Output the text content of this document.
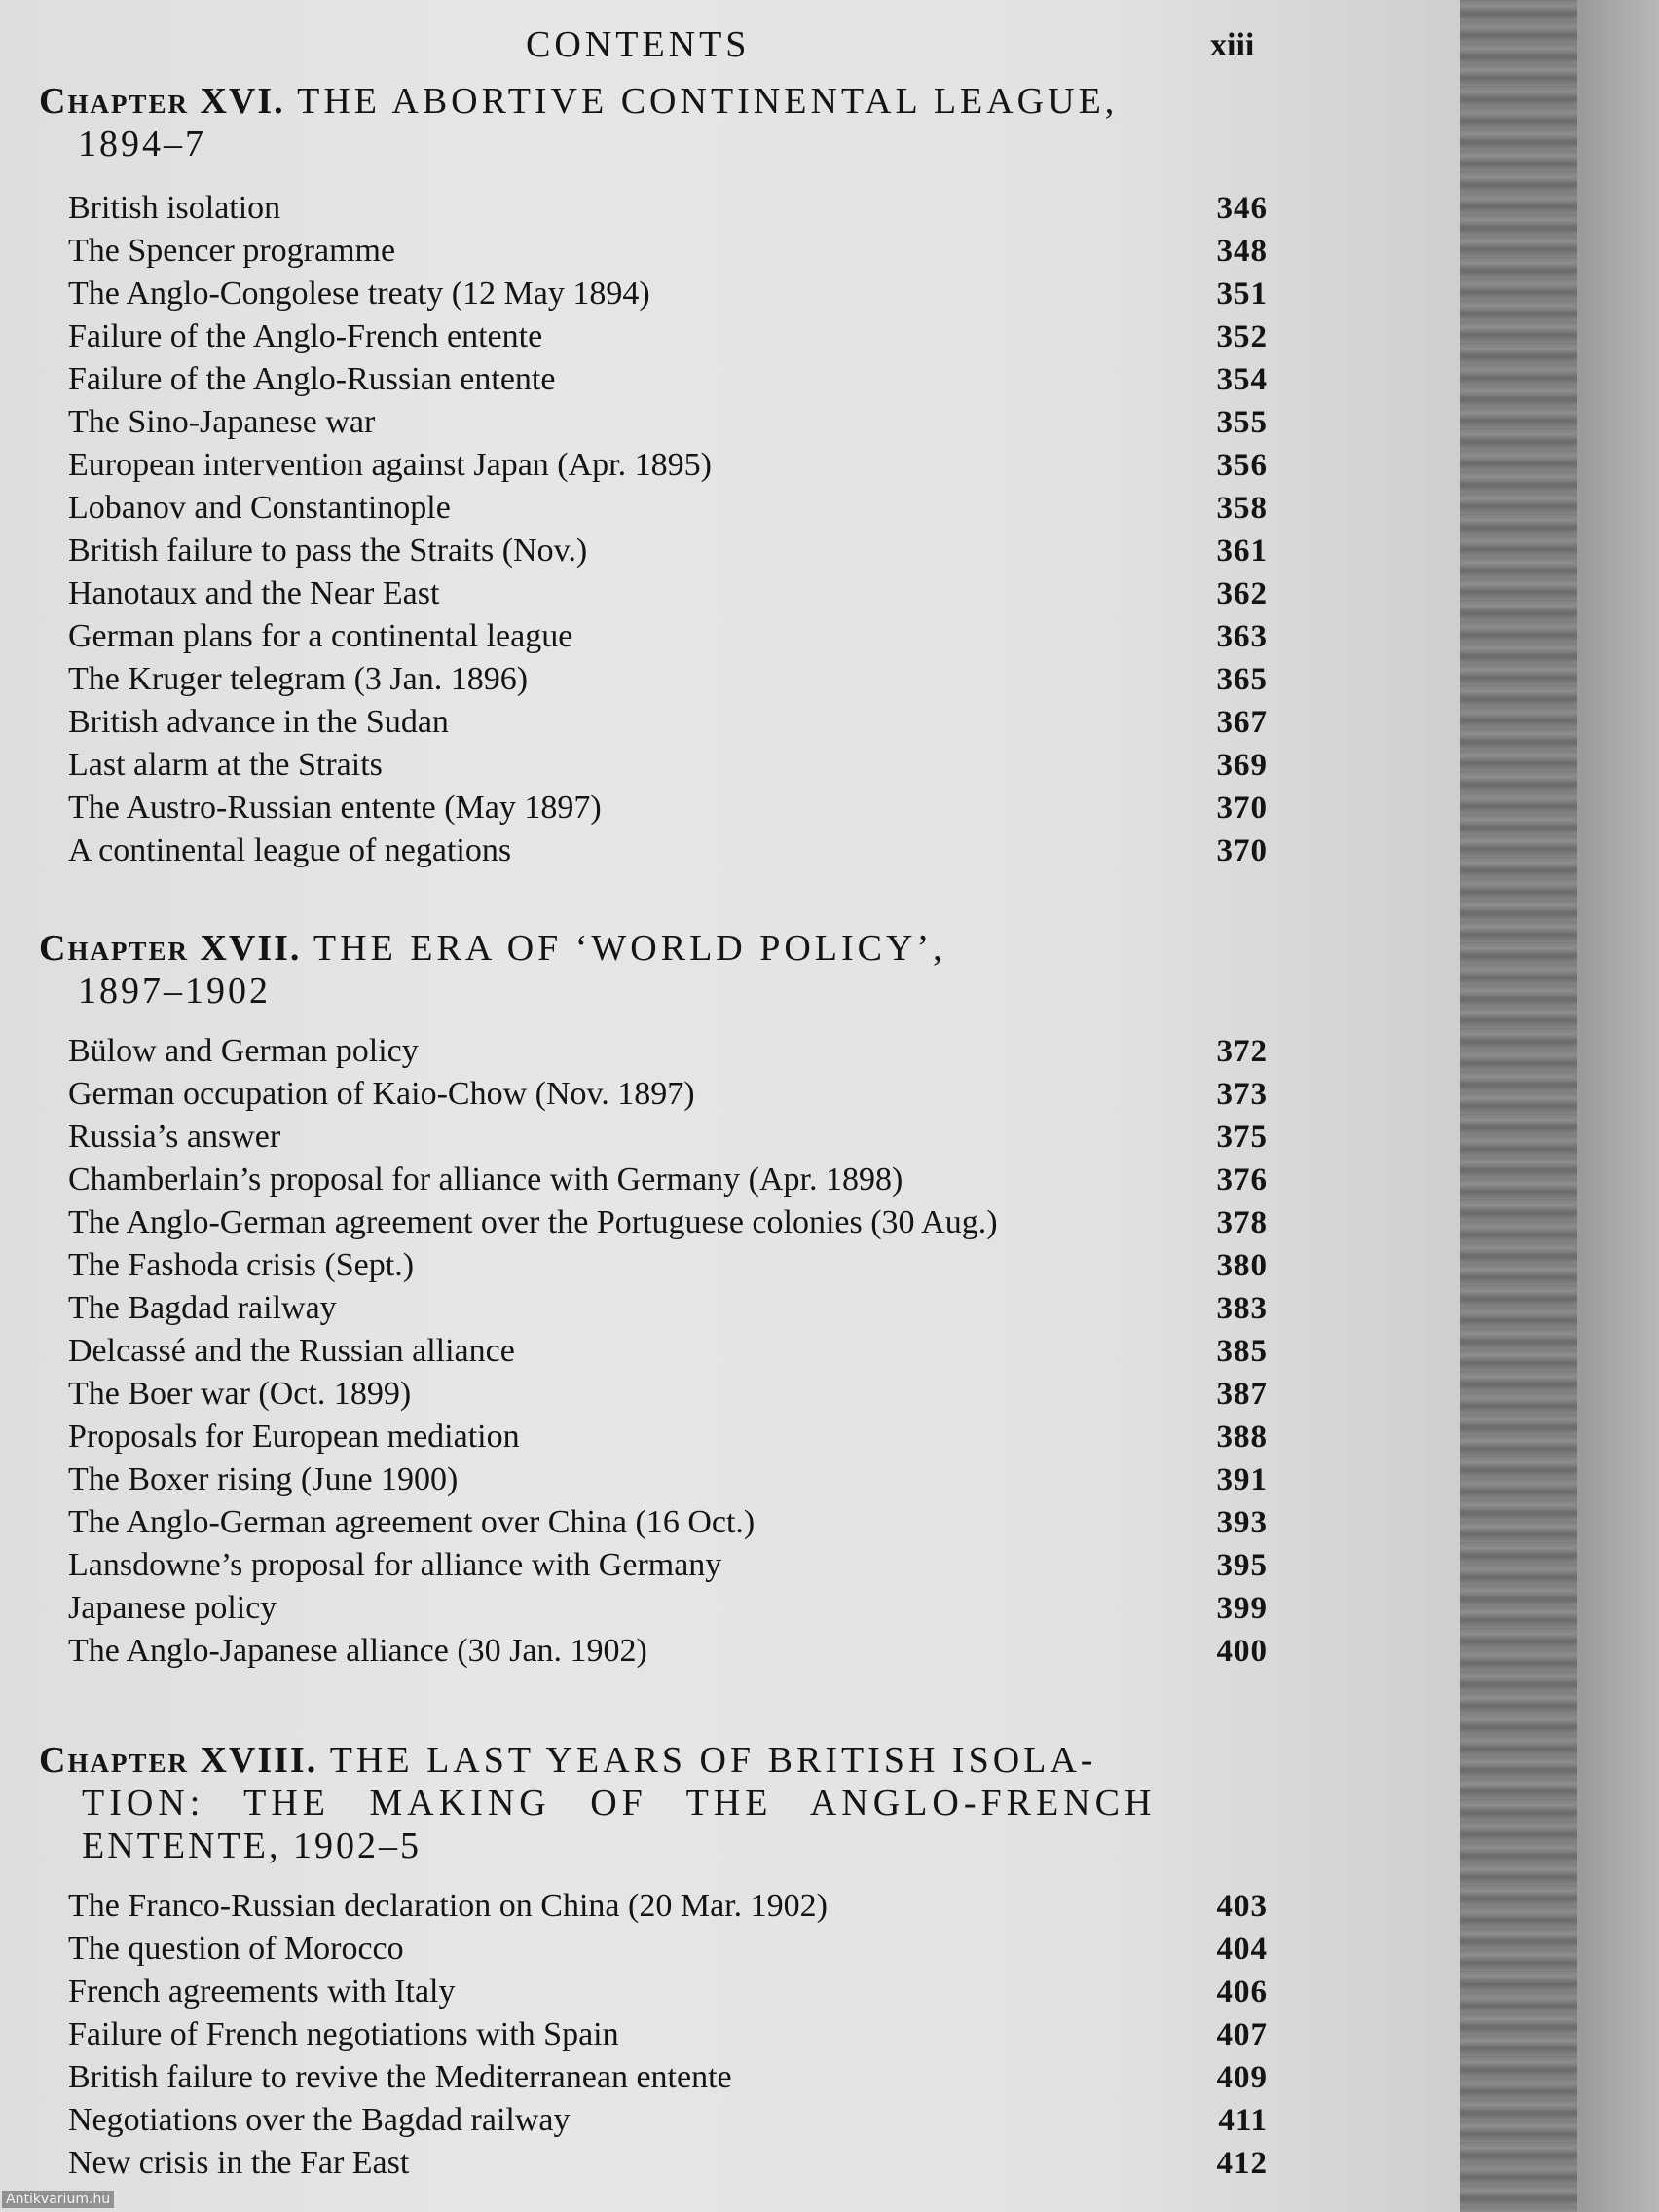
CONTENTS	xiii
Chapter XVI. THE ABORTIVE CONTINENTAL LEAGUE,
1894–7
British isolation	346
The Spencer programme	348
The Anglo-Congolese treaty (12 May 1894)	351
Failure of the Anglo-French entente	352
Failure of the Anglo-Russian entente	354
The Sino-Japanese war	355
European intervention against Japan (Apr. 1895)	356
Lobanov and Constantinople	358
British failure to pass the Straits (Nov.)	361
Hanotaux and the Near East	362
German plans for a continental league	363
The Kruger telegram (3 Jan. 1896)	365
British advance in the Sudan	367
Last alarm at the Straits	369
The Austro-Russian entente (May 1897)	370
A continental league of negations	370
Chapter XVII. THE ERA OF ‘WORLD POLICY’,
1897–1902
Bülow and German policy	372
German occupation of Kaio-Chow (Nov. 1897)	373
Russia’s answer	375
Chamberlain’s proposal for alliance with Germany (Apr. 1898)	376
The Anglo-German agreement over the Portuguese colonies (30 Aug.)	378
The Fashoda crisis (Sept.)	380
The Bagdad railway	383
Delcassé and the Russian alliance	385
The Boer war (Oct. 1899)	387
Proposals for European mediation	388
The Boxer rising (June 1900)	391
The Anglo-German agreement over China (16 Oct.)	393
Lansdowne’s proposal for alliance with Germany	395
Japanese policy	399
The Anglo-Japanese alliance (30 Jan. 1902)	400
Chapter XVIII. THE LAST YEARS OF BRITISH ISOLA-
TION: THE MAKING OF THE ANGLO-FRENCH
ENTENTE, 1902–5
The Franco-Russian declaration on China (20 Mar. 1902)	403
The question of Morocco	404
French agreements with Italy	406
Failure of French negotiations with Spain	407
British failure to revive the Mediterranean entente	409
Negotiations over the Bagdad railway	411
New crisis in the Far East	412
Antikvarium.hu
